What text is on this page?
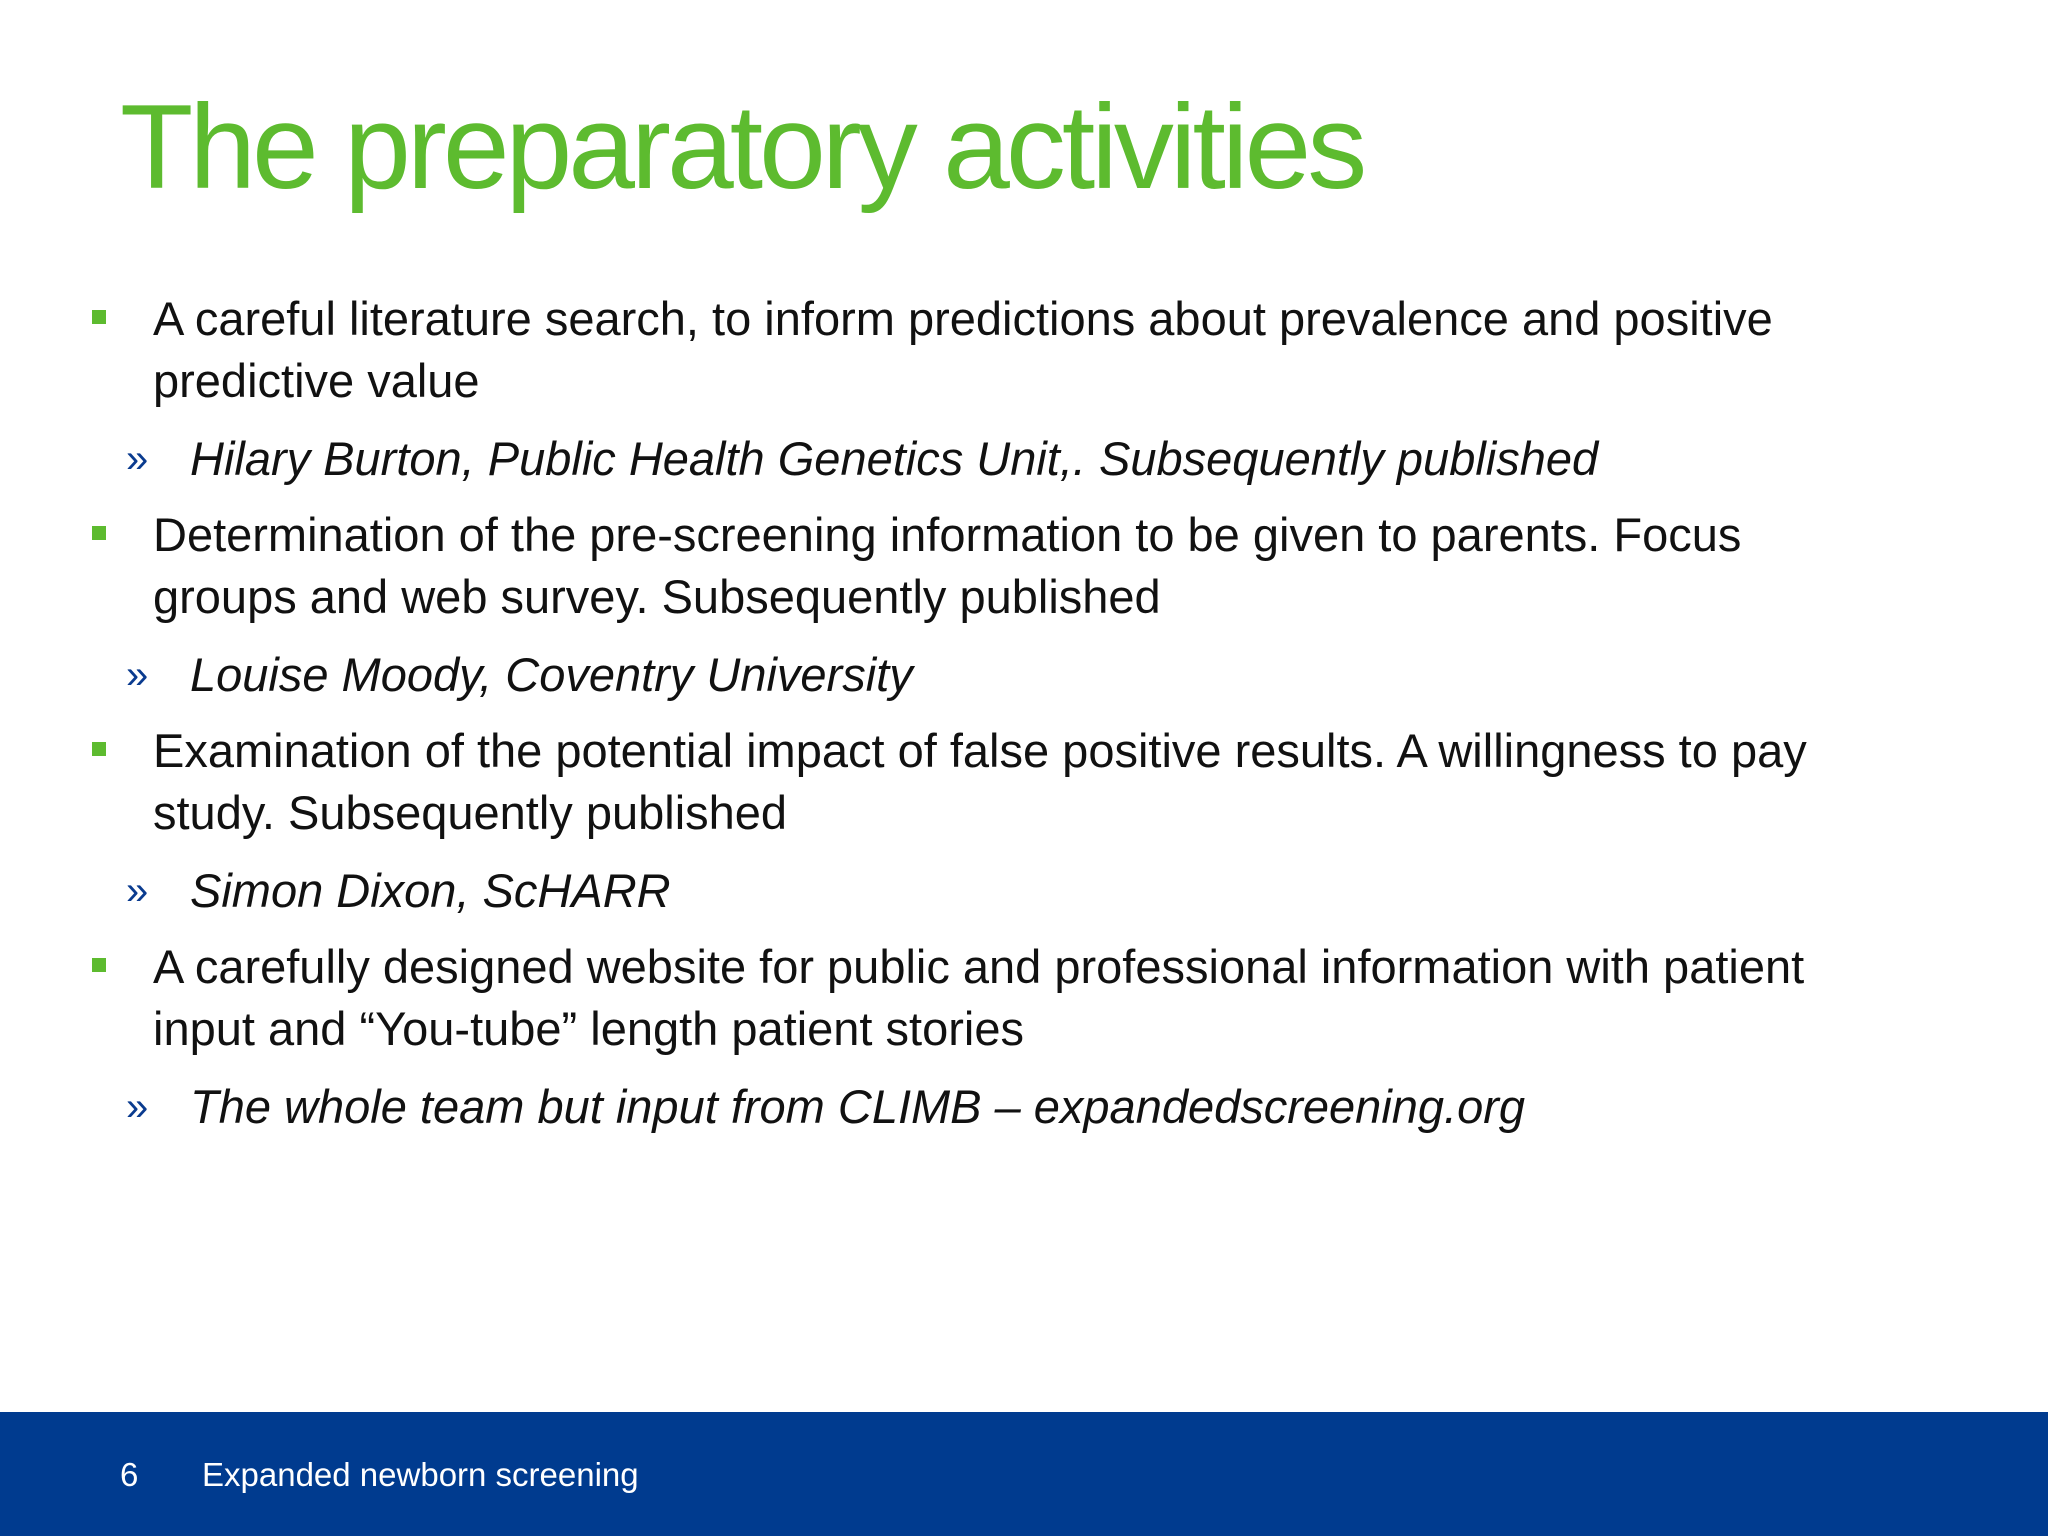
The preparatory activities
A careful literature search, to inform predictions about prevalence and positive predictive value
» Hilary Burton, Public Health Genetics Unit,. Subsequently published
Determination of the pre-screening information to be given to parents. Focus groups and web survey. Subsequently published
» Louise Moody, Coventry University
Examination of the potential impact of false positive results. A willingness to pay study. Subsequently published
» Simon Dixon, ScHARR
A carefully designed website for public and professional information with patient input and “You-tube” length patient stories
» The whole team but input from CLIMB – expandedscreening.org
6 Expanded newborn screening
